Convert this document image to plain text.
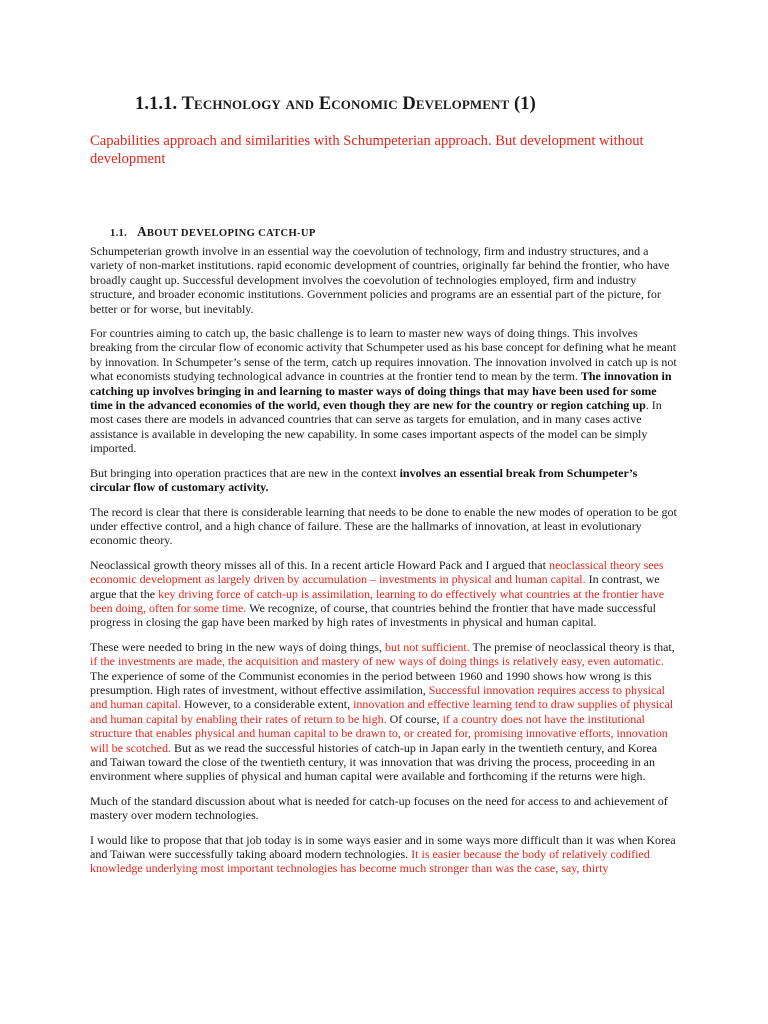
1.1.1. Technology and Economic Development (1)

Capabilities approach and similarities with Schumpeterian approach. But development without development

1.1. ABOUT DEVELOPING CATCH-UP

Schumpeterian growth involve in an essential way the coevolution of technology, firm and industry structures, and a variety of non-market institutions. rapid economic development of countries, originally far behind the frontier, who have broadly caught up. Successful development involves the coevolution of technologies employed, firm and industry structure, and broader economic institutions. Government policies and programs are an essential part of the picture, for better or for worse, but inevitably.

For countries aiming to catch up, the basic challenge is to learn to master new ways of doing things. This involves breaking from the circular flow of economic activity that Schumpeter used as his base concept for defining what he meant by innovation. In Schumpeter’s sense of the term, catch up requires innovation. The innovation involved in catch up is not what economists studying technological advance in countries at the frontier tend to mean by the term. The innovation in catching up involves bringing in and learning to master ways of doing things that may have been used for some time in the advanced economies of the world, even though they are new for the country or region catching up. In most cases there are models in advanced countries that can serve as targets for emulation, and in many cases active assistance is available in developing the new capability. In some cases important aspects of the model can be simply imported.

But bringing into operation practices that are new in the context involves an essential break from Schumpeter’s circular flow of customary activity.

The record is clear that there is considerable learning that needs to be done to enable the new modes of operation to be got under effective control, and a high chance of failure. These are the hallmarks of innovation, at least in evolutionary economic theory.

Neoclassical growth theory misses all of this. In a recent article Howard Pack and I argued that neoclassical theory sees economic development as largely driven by accumulation – investments in physical and human capital. In contrast, we argue that the key driving force of catch-up is assimilation, learning to do effectively what countries at the frontier have been doing, often for some time. We recognize, of course, that countries behind the frontier that have made successful progress in closing the gap have been marked by high rates of investments in physical and human capital.

These were needed to bring in the new ways of doing things, but not sufficient. The premise of neoclassical theory is that, if the investments are made, the acquisition and mastery of new ways of doing things is relatively easy, even automatic. The experience of some of the Communist economies in the period between 1960 and 1990 shows how wrong is this presumption. High rates of investment, without effective assimilation, Successful innovation requires access to physical and human capital. However, to a considerable extent, innovation and effective learning tend to draw supplies of physical and human capital by enabling their rates of return to be high. Of course, if a country does not have the institutional structure that enables physical and human capital to be drawn to, or created for, promising innovative efforts, innovation will be scotched. But as we read the successful histories of catch-up in Japan early in the twentieth century, and Korea and Taiwan toward the close of the twentieth century, it was innovation that was driving the process, proceeding in an environment where supplies of physical and human capital were available and forthcoming if the returns were high.

Much of the standard discussion about what is needed for catch-up focuses on the need for access to and achievement of mastery over modern technologies.

I would like to propose that that job today is in some ways easier and in some ways more difficult than it was when Korea and Taiwan were successfully taking aboard modern technologies. It is easier because the body of relatively codified knowledge underlying most important technologies has become much stronger than was the case, say, thirty
